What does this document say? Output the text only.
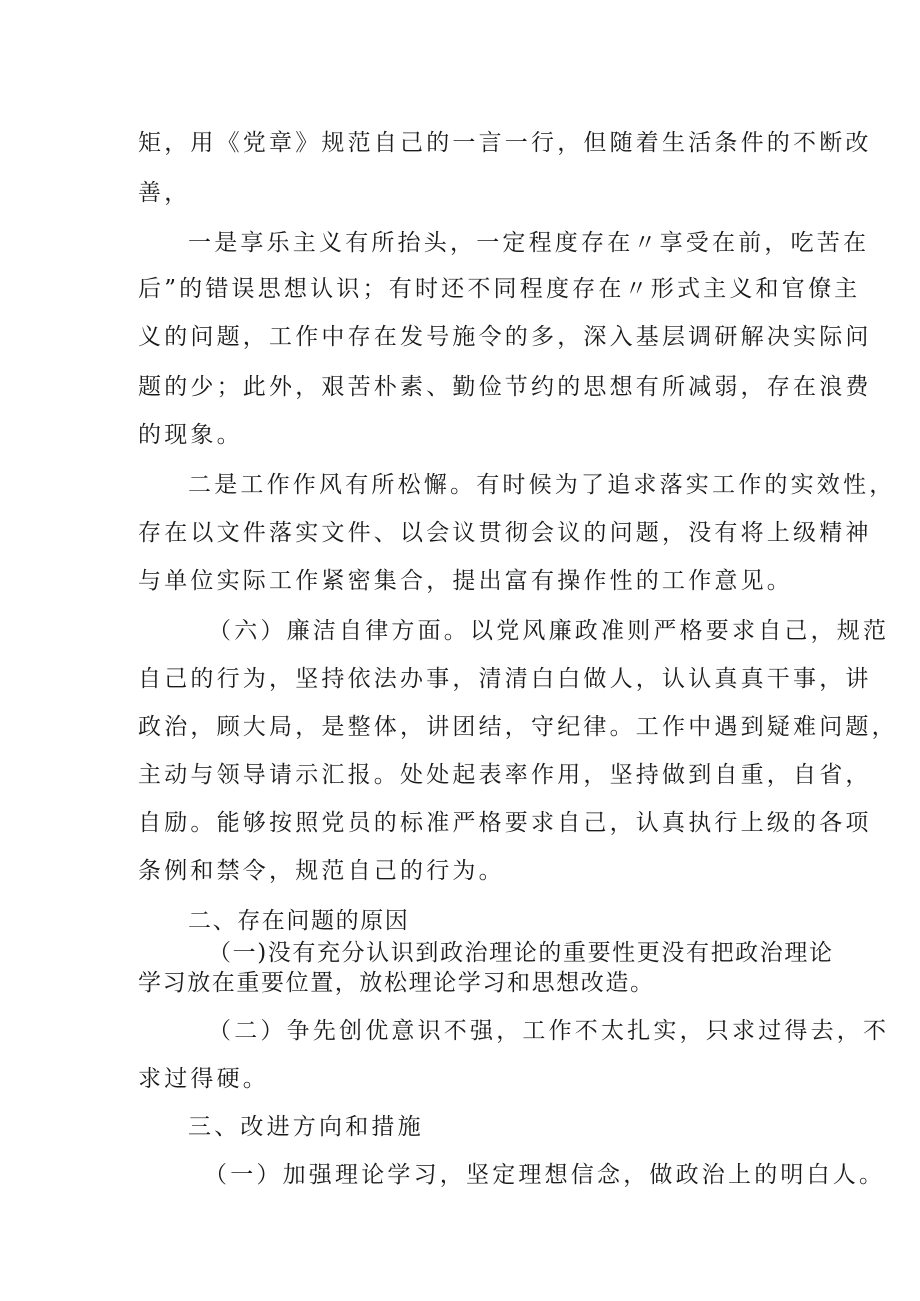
矩，用《党章》规范自己的一言一行，但随着生活条件的不断改

善，

一是享乐主义有所抬头，一定程度存在〃享受在前，吃苦在

后”的错误思想认识；有时还不同程度存在〃形式主义和官僚主

义的问题，工作中存在发号施令的多，深入基层调研解决实际问

题的少；此外，艰苦朴素、勤俭节约的思想有所减弱，存在浪费

的现象。

二是工作作风有所松懈。有时候为了追求落实工作的实效性，

存在以文件落实文件、以会议贯彻会议的问题，没有将上级精神

与单位实际工作紧密集合，提出富有操作性的工作意见。

（六）廉洁自律方面。以党风廉政准则严格要求自己，规范

自己的行为，坚持依法办事，清清白白做人，认认真真干事，讲

政治，顾大局，是整体，讲团结，守纪律。工作中遇到疑难问题，

主动与领导请示汇报。处处起表率作用，坚持做到自重，自省，

自励。能够按照党员的标准严格要求自己，认真执行上级的各项

条例和禁令，规范自己的行为。

二、存在问题的原因

（一)没有充分认识到政治理论的重要性更没有把政治理论

学习放在重要位置，放松理论学习和思想改造。

（二）争先创优意识不强，工作不太扎实，只求过得去，不

求过得硬。

三、改进方向和措施

（一）加强理论学习，坚定理想信念，做政治上的明白人。
